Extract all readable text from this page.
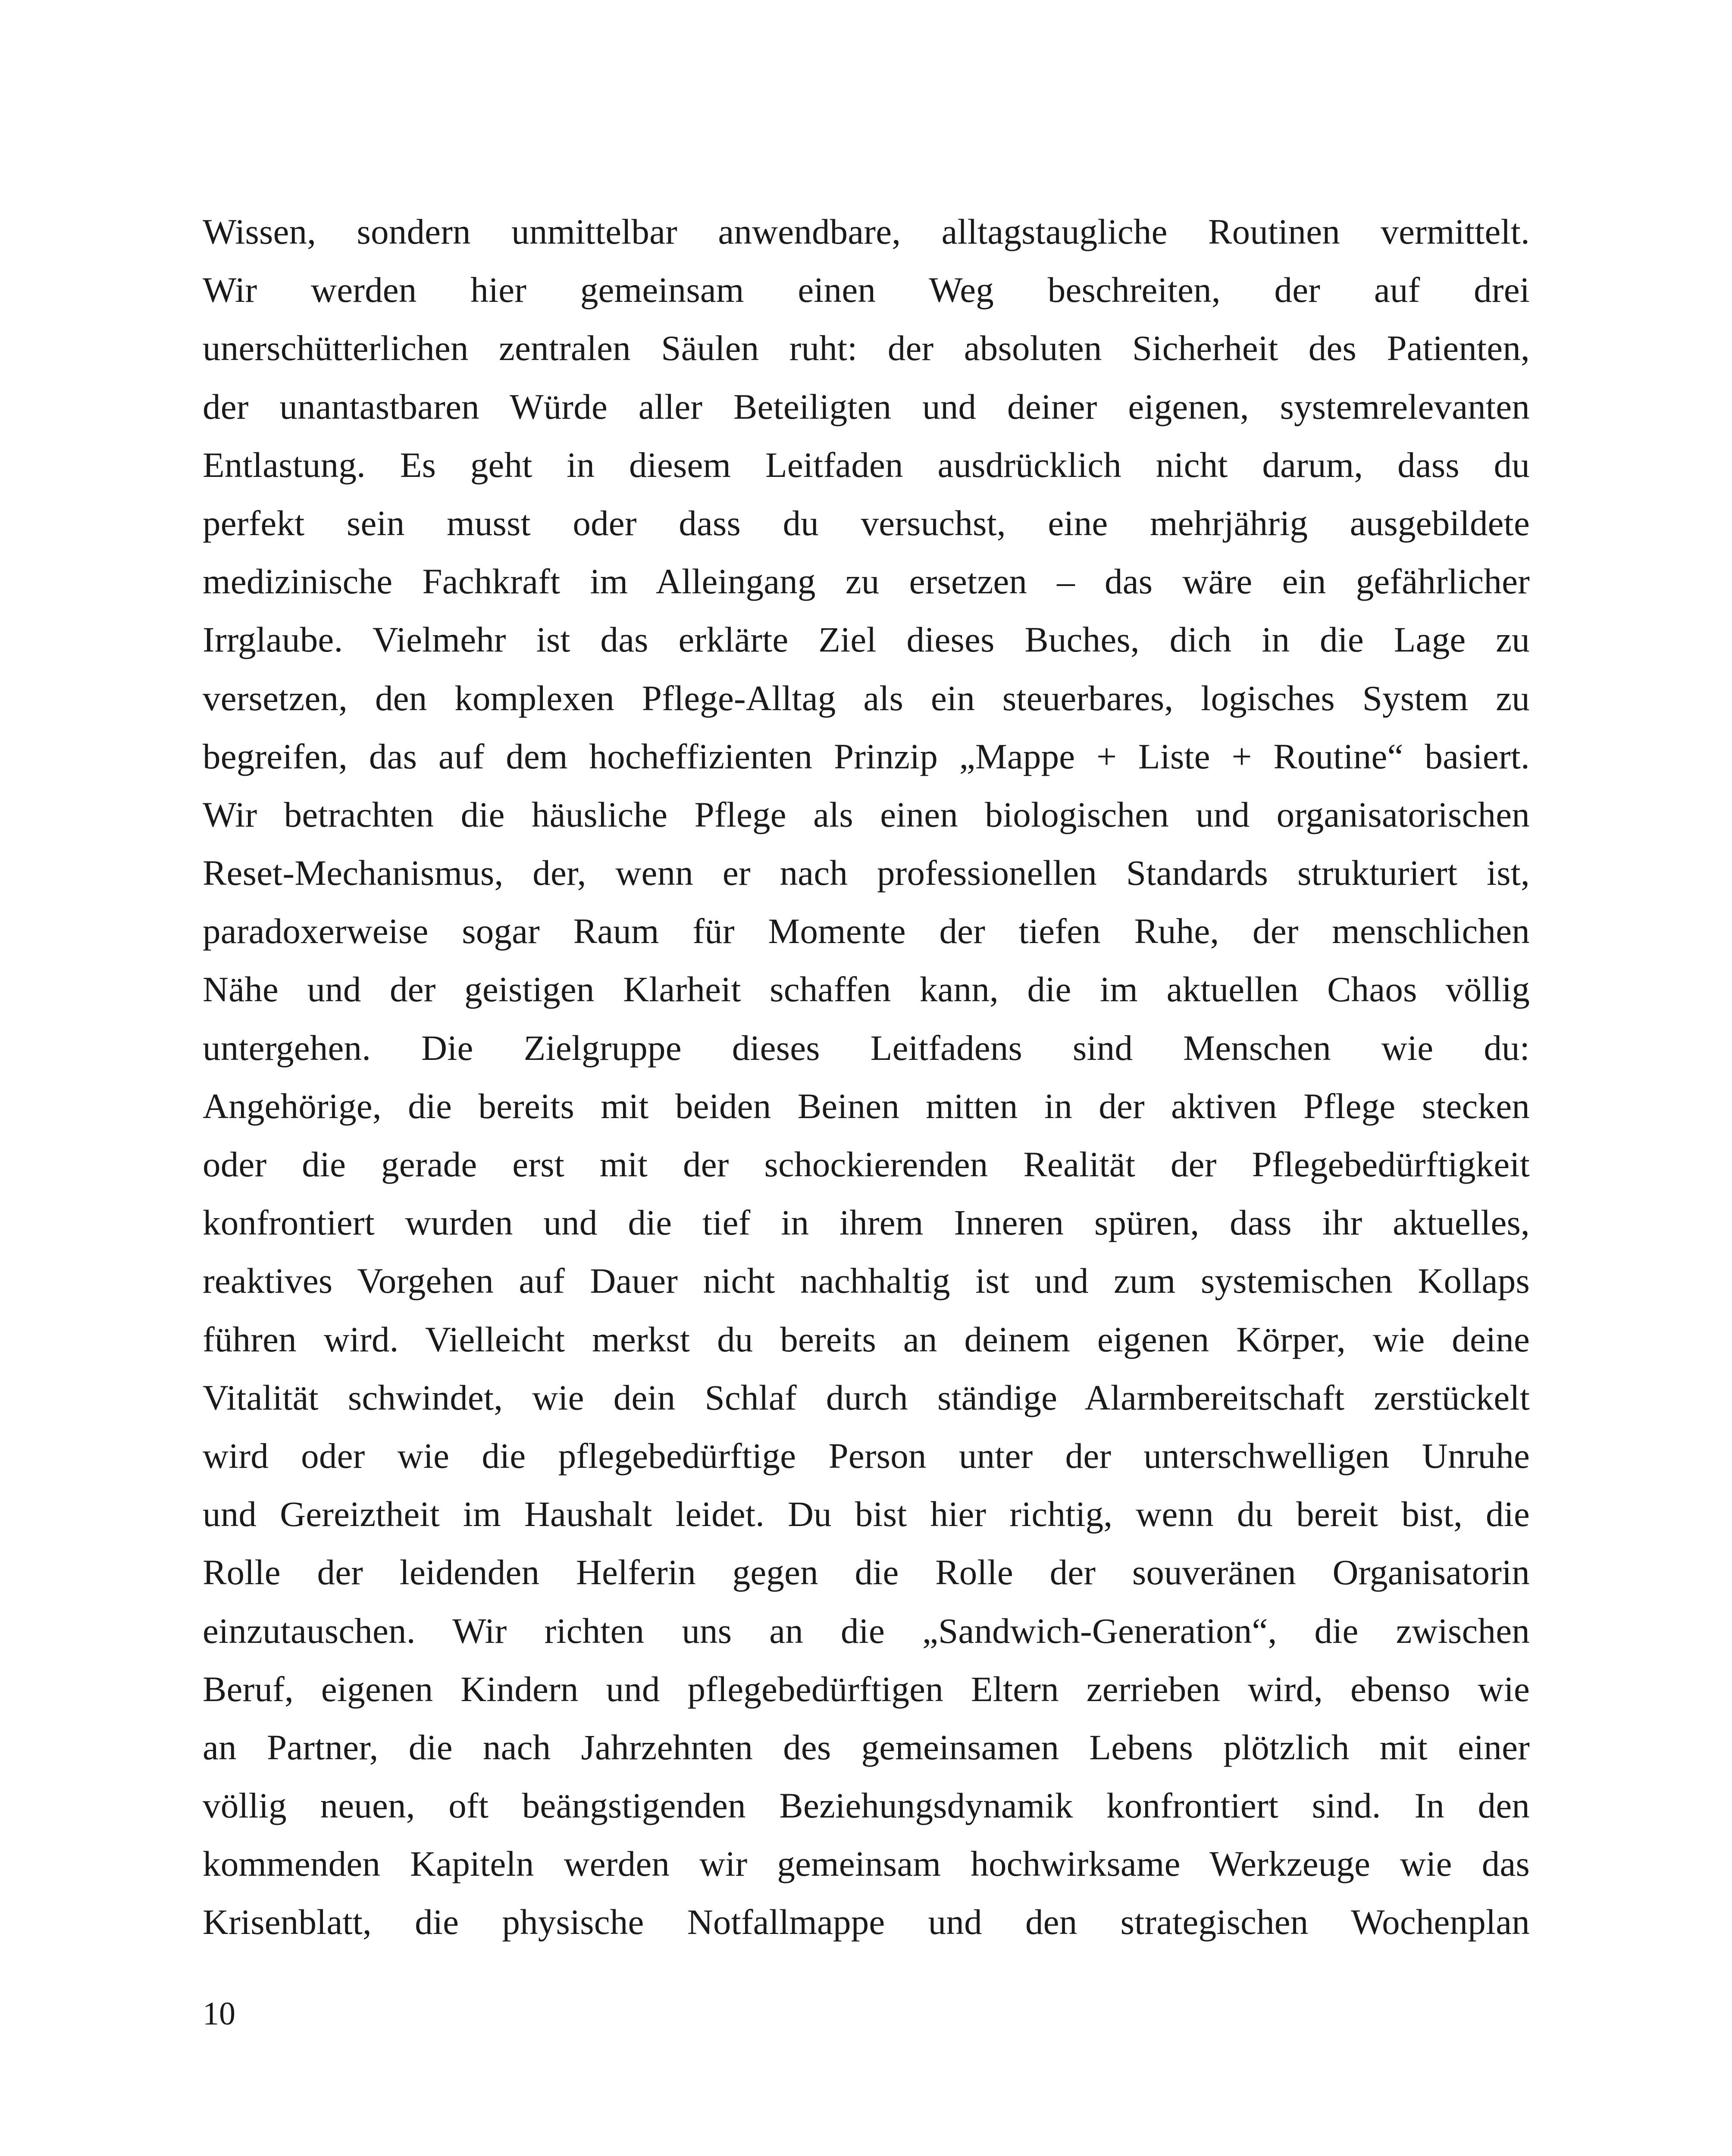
Wissen, sondern unmittelbar anwendbare, alltagstaugliche Routinen vermittelt.
Wir werden hier gemeinsam einen Weg beschreiten, der auf drei
unerschütterlichen zentralen Säulen ruht: der absoluten Sicherheit des Patienten,
der unantastbaren Würde aller Beteiligten und deiner eigenen, systemrelevanten
Entlastung. Es geht in diesem Leitfaden ausdrücklich nicht darum, dass du
perfekt sein musst oder dass du versuchst, eine mehrjährig ausgebildete
medizinische Fachkraft im Alleingang zu ersetzen – das wäre ein gefährlicher
Irrglaube. Vielmehr ist das erklärte Ziel dieses Buches, dich in die Lage zu
versetzen, den komplexen Pflege-Alltag als ein steuerbares, logisches System zu
begreifen, das auf dem hocheffizienten Prinzip „Mappe + Liste + Routine“ basiert.
Wir betrachten die häusliche Pflege als einen biologischen und organisatorischen
Reset-Mechanismus, der, wenn er nach professionellen Standards strukturiert ist,
paradoxerweise sogar Raum für Momente der tiefen Ruhe, der menschlichen
Nähe und der geistigen Klarheit schaffen kann, die im aktuellen Chaos völlig
untergehen. Die Zielgruppe dieses Leitfadens sind Menschen wie du:
Angehörige, die bereits mit beiden Beinen mitten in der aktiven Pflege stecken
oder die gerade erst mit der schockierenden Realität der Pflegebedürftigkeit
konfrontiert wurden und die tief in ihrem Inneren spüren, dass ihr aktuelles,
reaktives Vorgehen auf Dauer nicht nachhaltig ist und zum systemischen Kollaps
führen wird. Vielleicht merkst du bereits an deinem eigenen Körper, wie deine
Vitalität schwindet, wie dein Schlaf durch ständige Alarmbereitschaft zerstückelt
wird oder wie die pflegebedürftige Person unter der unterschwelligen Unruhe
und Gereiztheit im Haushalt leidet. Du bist hier richtig, wenn du bereit bist, die
Rolle der leidenden Helferin gegen die Rolle der souveränen Organisatorin
einzutauschen. Wir richten uns an die „Sandwich-Generation“, die zwischen
Beruf, eigenen Kindern und pflegebedürftigen Eltern zerrieben wird, ebenso wie
an Partner, die nach Jahrzehnten des gemeinsamen Lebens plötzlich mit einer
völlig neuen, oft beängstigenden Beziehungsdynamik konfrontiert sind. In den
kommenden Kapiteln werden wir gemeinsam hochwirksame Werkzeuge wie das
Krisenblatt, die physische Notfallmappe und den strategischen Wochenplan

10
